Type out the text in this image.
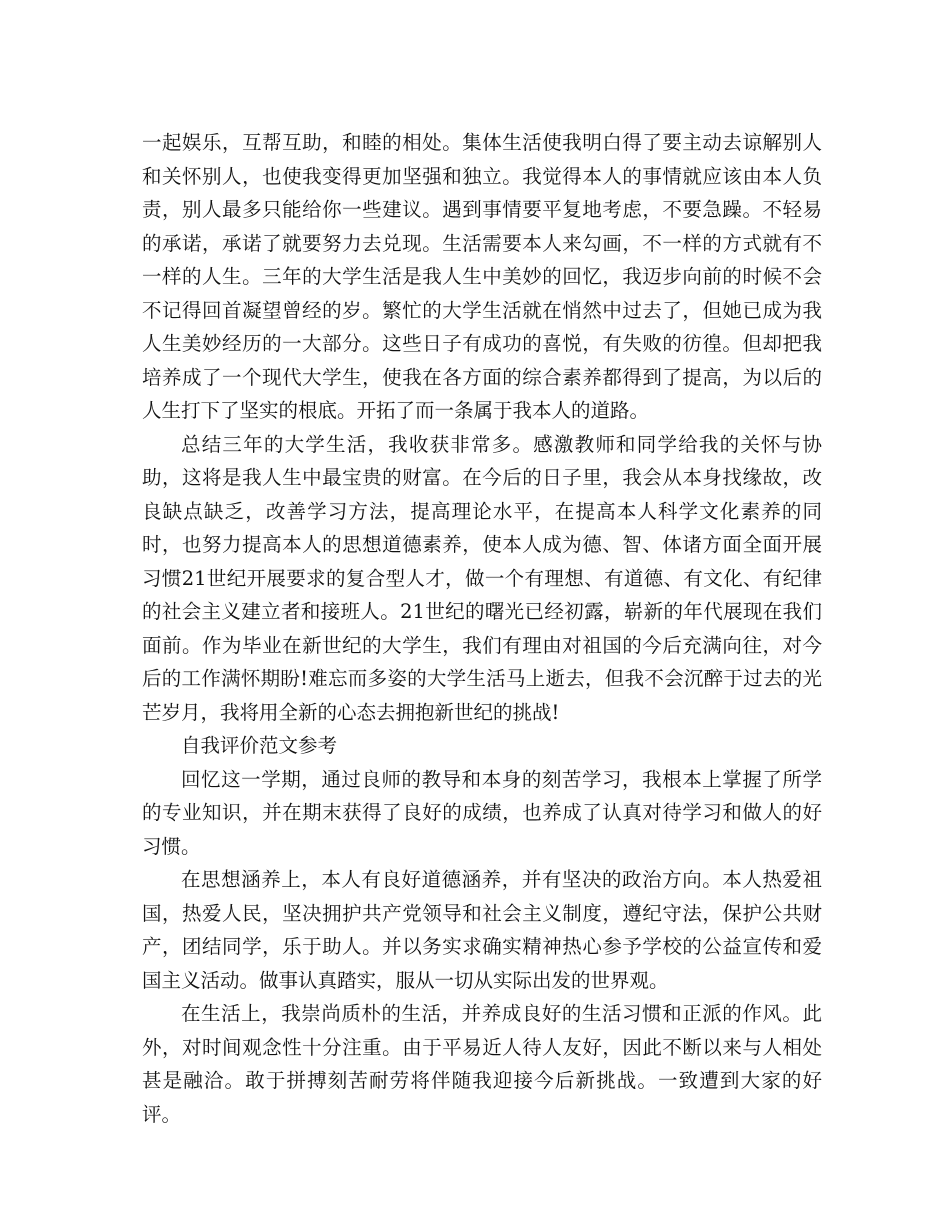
一起娱乐，互帮互助，和睦的相处。集体生活使我明白得了要主动去谅解别人和关怀别人，也使我变得更加坚强和独立。我觉得本人的事情就应该由本人负责，别人最多只能给你一些建议。遇到事情要平复地考虑，不要急躁。不轻易的承诺，承诺了就要努力去兑现。生活需要本人来勾画，不一样的方式就有不一样的人生。三年的大学生活是我人生中美妙的回忆，我迈步向前的时候不会不记得回首凝望曾经的岁。繁忙的大学生活就在悄然中过去了，但她已成为我人生美妙经历的一大部分。这些日子有成功的喜悦，有失败的彷徨。但却把我培养成了一个现代大学生，使我在各方面的综合素养都得到了提高，为以后的人生打下了坚实的根底。开拓了而一条属于我本人的道路。

总结三年的大学生活，我收获非常多。感激教师和同学给我的关怀与协助，这将是我人生中最宝贵的财富。在今后的日子里，我会从本身找缘故，改良缺点缺乏，改善学习方法，提高理论水平，在提高本人科学文化素养的同时，也努力提高本人的思想道德素养，使本人成为德、智、体诸方面全面开展习惯21世纪开展要求的复合型人才，做一个有理想、有道德、有文化、有纪律的社会主义建立者和接班人。21世纪的曙光已经初露，崭新的年代展现在我们面前。作为毕业在新世纪的大学生，我们有理由对祖国的今后充满向往，对今后的工作满怀期盼!难忘而多姿的大学生活马上逝去，但我不会沉醉于过去的光芒岁月，我将用全新的心态去拥抱新世纪的挑战!

自我评价范文参考

回忆这一学期，通过良师的教导和本身的刻苦学习，我根本上掌握了所学的专业知识，并在期末获得了良好的成绩，也养成了认真对待学习和做人的好习惯。

在思想涵养上，本人有良好道德涵养，并有坚决的政治方向。本人热爱祖国，热爱人民，坚决拥护共产党领导和社会主义制度，遵纪守法，保护公共财产，团结同学，乐于助人。并以务实求确实精神热心参予学校的公益宣传和爱国主义活动。做事认真踏实，服从一切从实际出发的世界观。

在生活上，我崇尚质朴的生活，并养成良好的生活习惯和正派的作风。此外，对时间观念性十分注重。由于平易近人待人友好，因此不断以来与人相处甚是融洽。敢于拼搏刻苦耐劳将伴随我迎接今后新挑战。一致遭到大家的好评。
